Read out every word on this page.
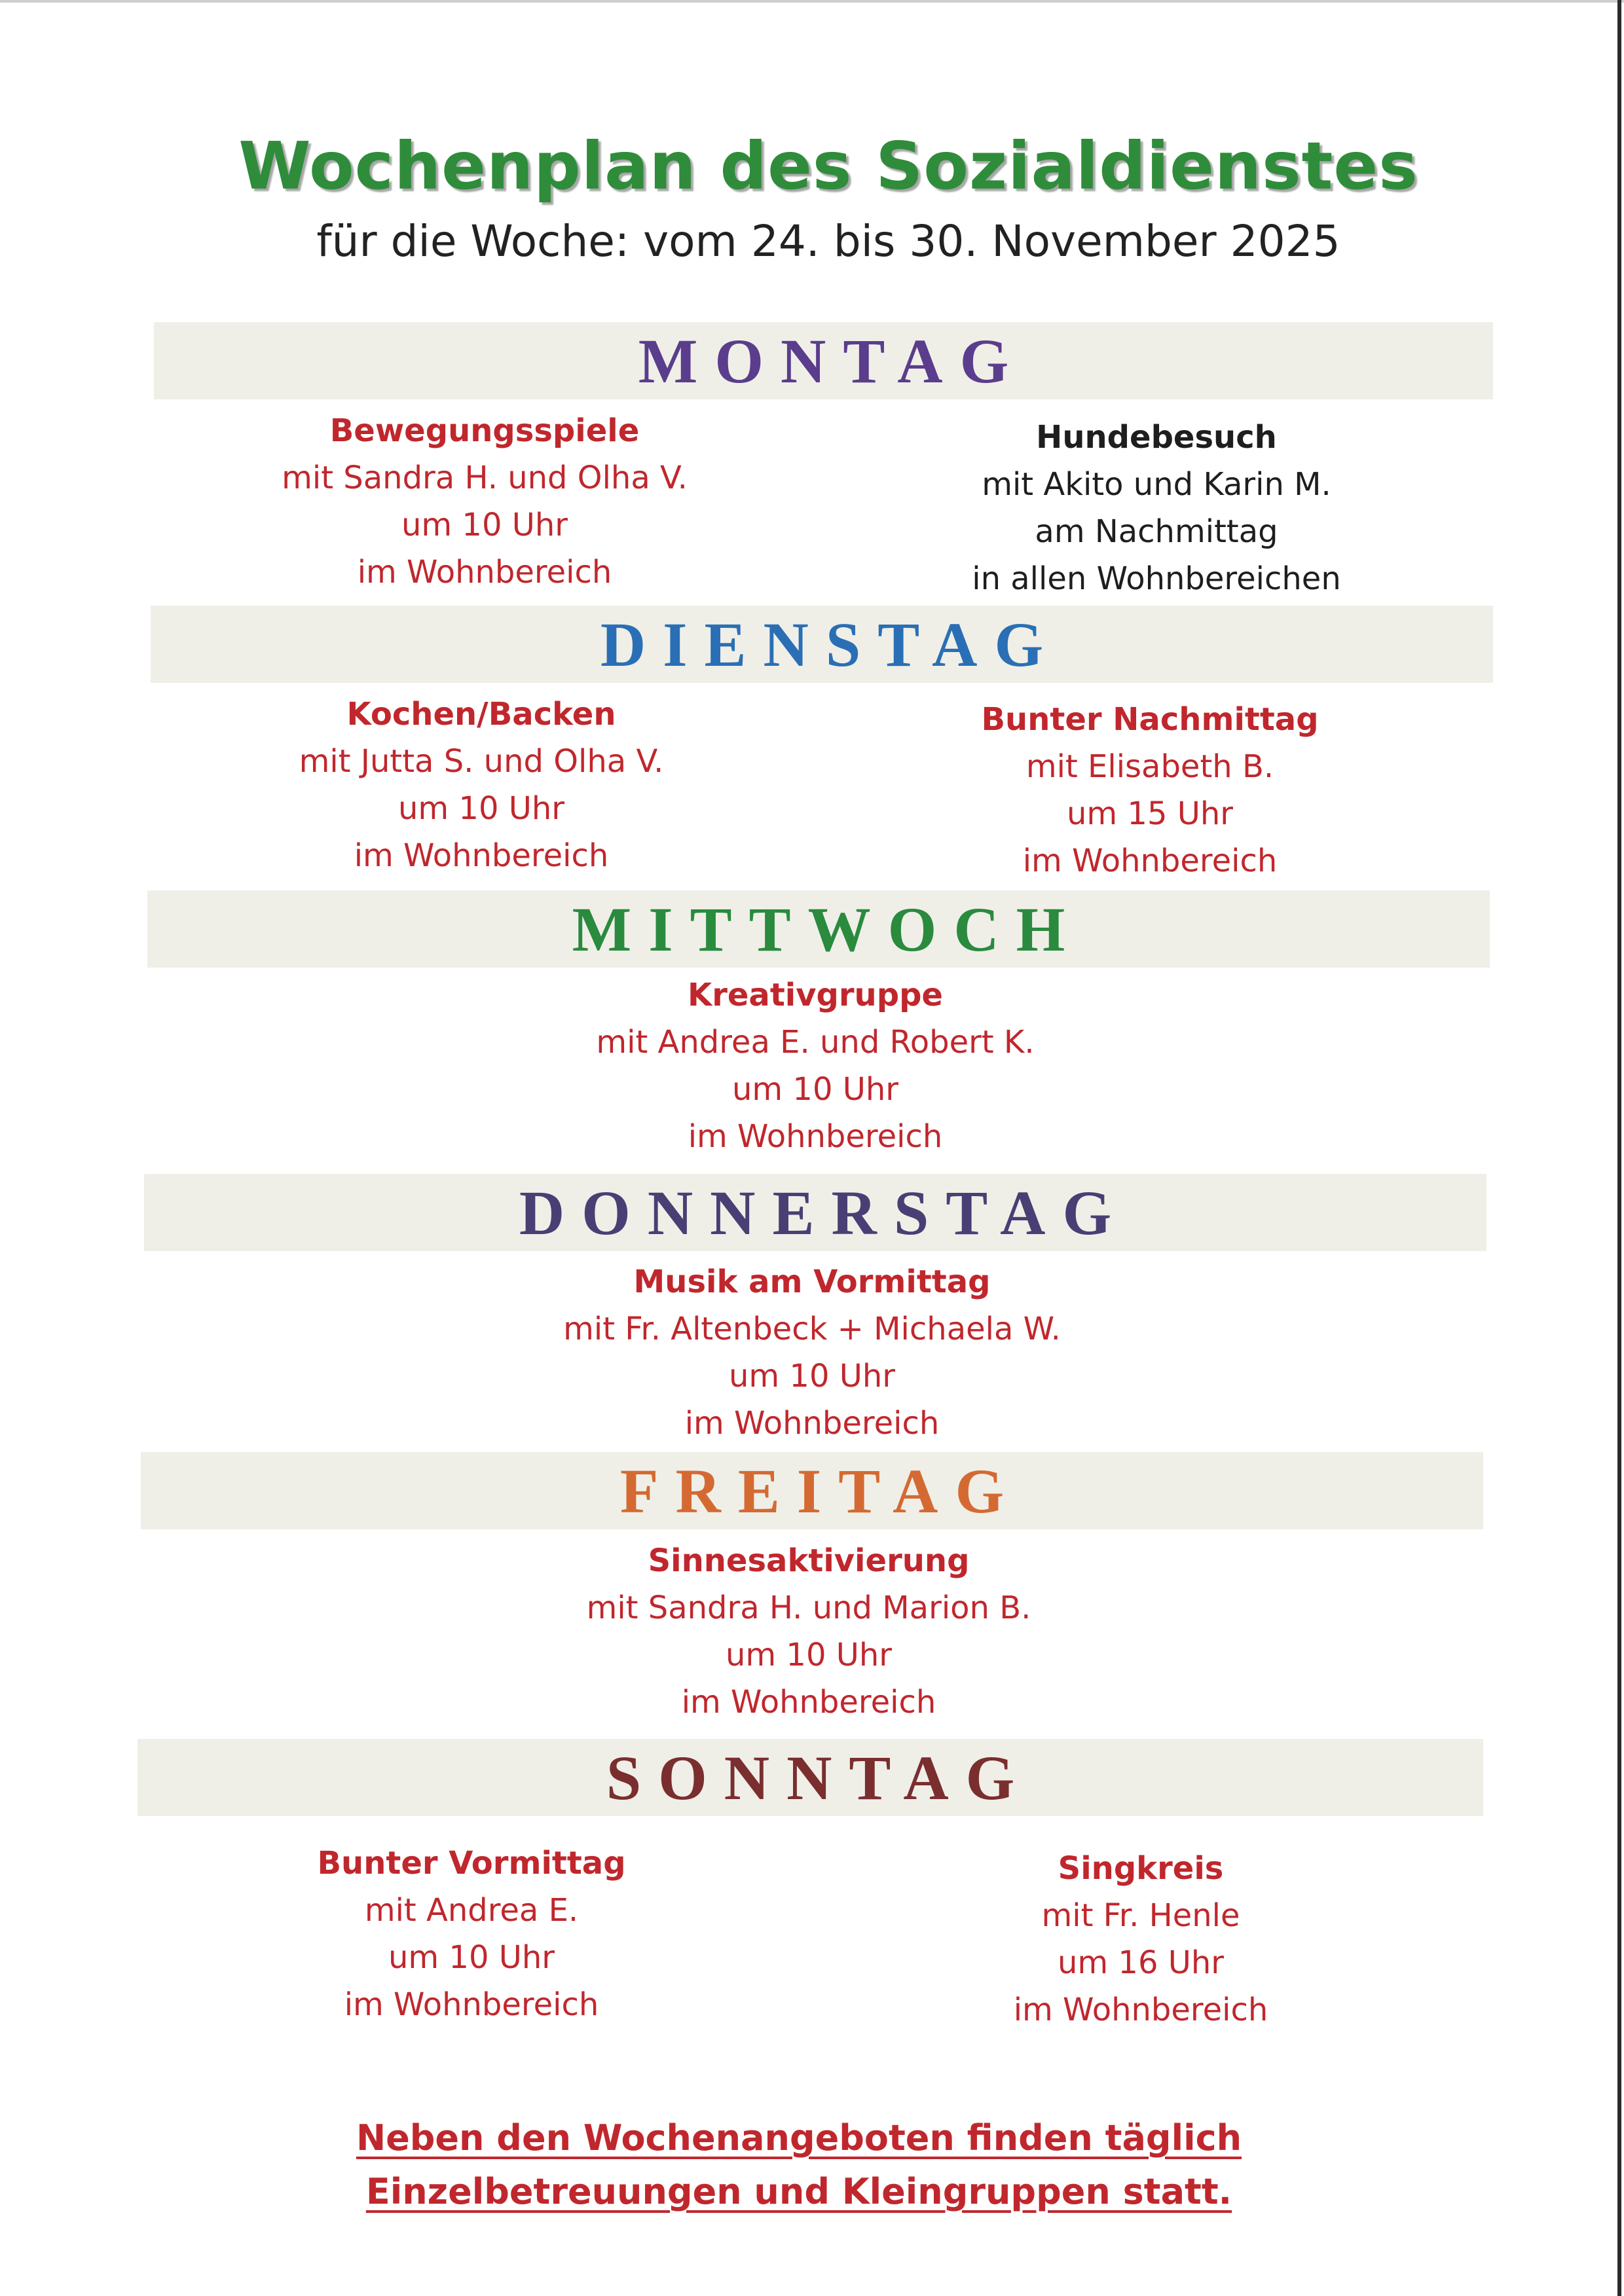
Wochenplan des Sozialdienstes
für die Woche: vom 24. bis 30. November 2025
MONTAG
Bewegungsspiele
mit Sandra H. und Olha V.
um 10 Uhr
im Wohnbereich
Hundebesuch
mit Akito und Karin M.
am Nachmittag
in allen Wohnbereichen
DIENSTAG
Kochen/Backen
mit Jutta S. und Olha V.
um 10 Uhr
im Wohnbereich
Bunter Nachmittag
mit Elisabeth B.
um 15 Uhr
im Wohnbereich
MITTWOCH
Kreativgruppe
mit Andrea E. und Robert K.
um 10 Uhr
im Wohnbereich
DONNERSTAG
Musik am Vormittag
mit Fr. Altenbeck + Michaela W.
um 10 Uhr
im Wohnbereich
FREITAG
Sinnesaktivierung
mit Sandra H. und Marion B.
um 10 Uhr
im Wohnbereich
SONNTAG
Bunter Vormittag
mit Andrea E.
um 10 Uhr
im Wohnbereich
Singkreis
mit Fr. Henle
um 16 Uhr
im Wohnbereich
Neben den Wochenangeboten finden täglich
Einzelbetreuungen und Kleingruppen statt.
